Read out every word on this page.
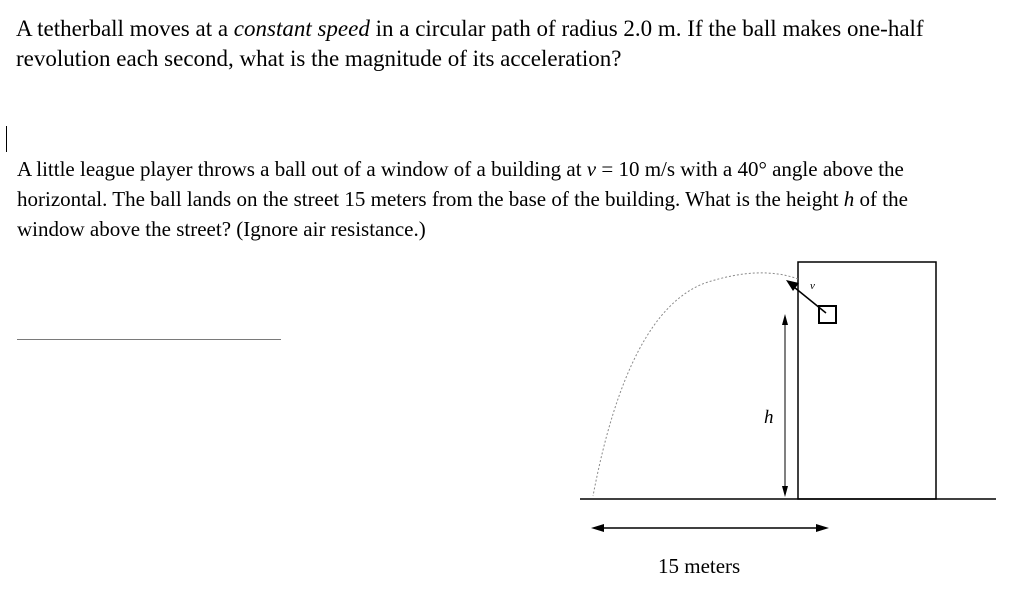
A tetherball moves at a constant speed in a circular path of radius 2.0 m. If the ball makes one-half revolution each second, what is the magnitude of its acceleration?

A little league player throws a ball out of a window of a building at v = 10 m/s with a 40° angle above the horizontal. The ball lands on the street 15 meters from the base of the building. What is the height h of the window above the street? (Ignore air resistance.)

v
h
15 meters
